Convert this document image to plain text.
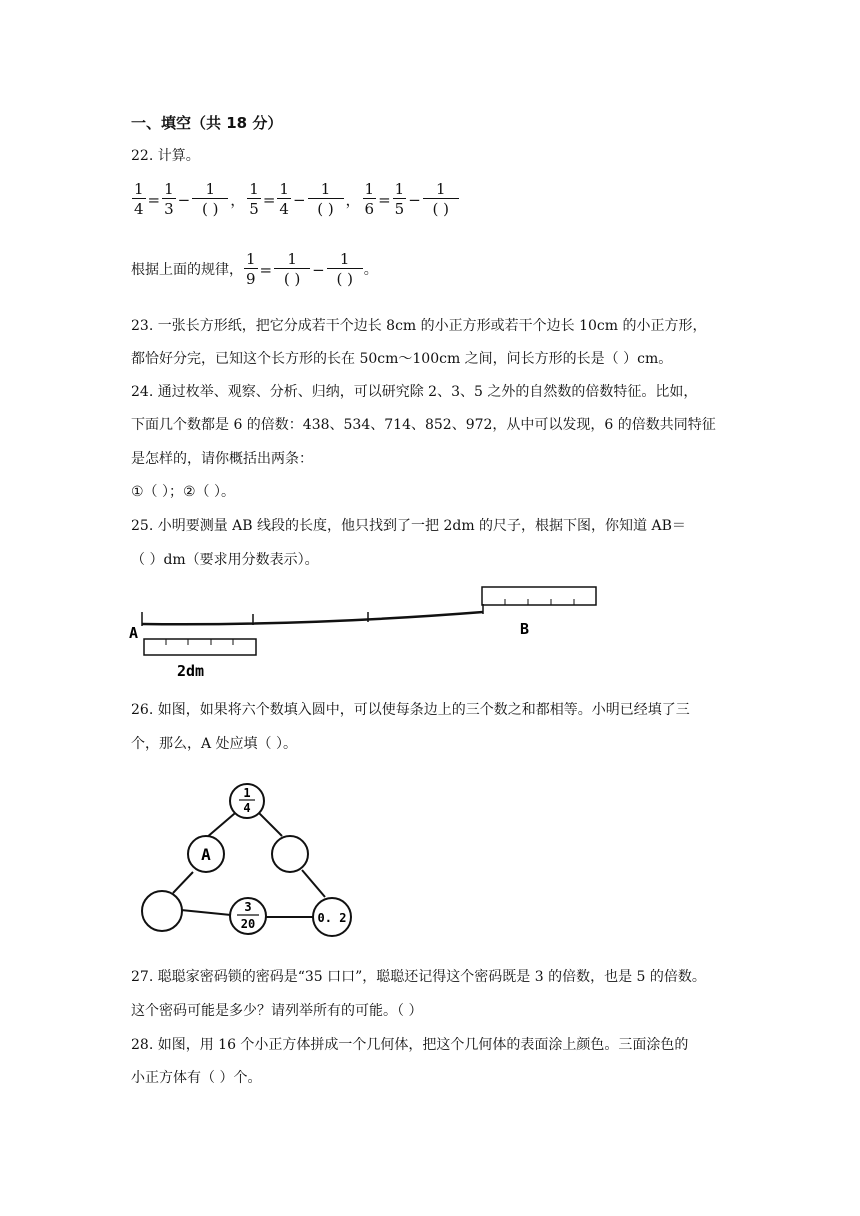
一、填空（共 18 分）
22. 计算。
$\frac{1}{4} = \frac{1}{3} - \frac{1}{( )}$ ， $\frac{1}{5} = \frac{1}{4} - \frac{1}{( )}$ ， $\frac{1}{6} = \frac{1}{5} - \frac{1}{( )}$
根据上面的规律， $\frac{1}{9} = \frac{1}{( )} - \frac{1}{( )}$ 。
23. 一张长方形纸，把它分成若干个边长 8cm 的小正方形或若干个边长 10cm 的小正方形，
都恰好分完，已知这个长方形的长在 50cm～100cm 之间，问长方形的长是（ ）cm。
24. 通过枚举、观察、分析、归纳，可以研究除 2、3、5 之外的自然数的倍数特征。比如，
下面几个数都是 6 的倍数：438、534、714、852、972，从中可以发现，6 的倍数共同特征
是怎样的，请你概括出两条：
①（ ）；②（ ）。
25. 小明要测量 AB 线段的长度，他只找到了一把 2dm 的尺子，根据下图，你知道 AB＝
（ ）dm（要求用分数表示）。
A	B
2dm
26. 如图，如果将六个数填入圆中，可以使每条边上的三个数之和都相等。小明已经填了三
个，那么，A 处应填（ ）。
1
4
A
3
20	0. 2
27. 聪聪家密码锁的密码是“35 口口”，聪聪还记得这个密码既是 3 的倍数，也是 5 的倍数。
这个密码可能是多少？请列举所有的可能。（ ）
28. 如图，用 16 个小正方体拼成一个几何体，把这个几何体的表面涂上颜色。三面涂色的
小正方体有（ ）个。
